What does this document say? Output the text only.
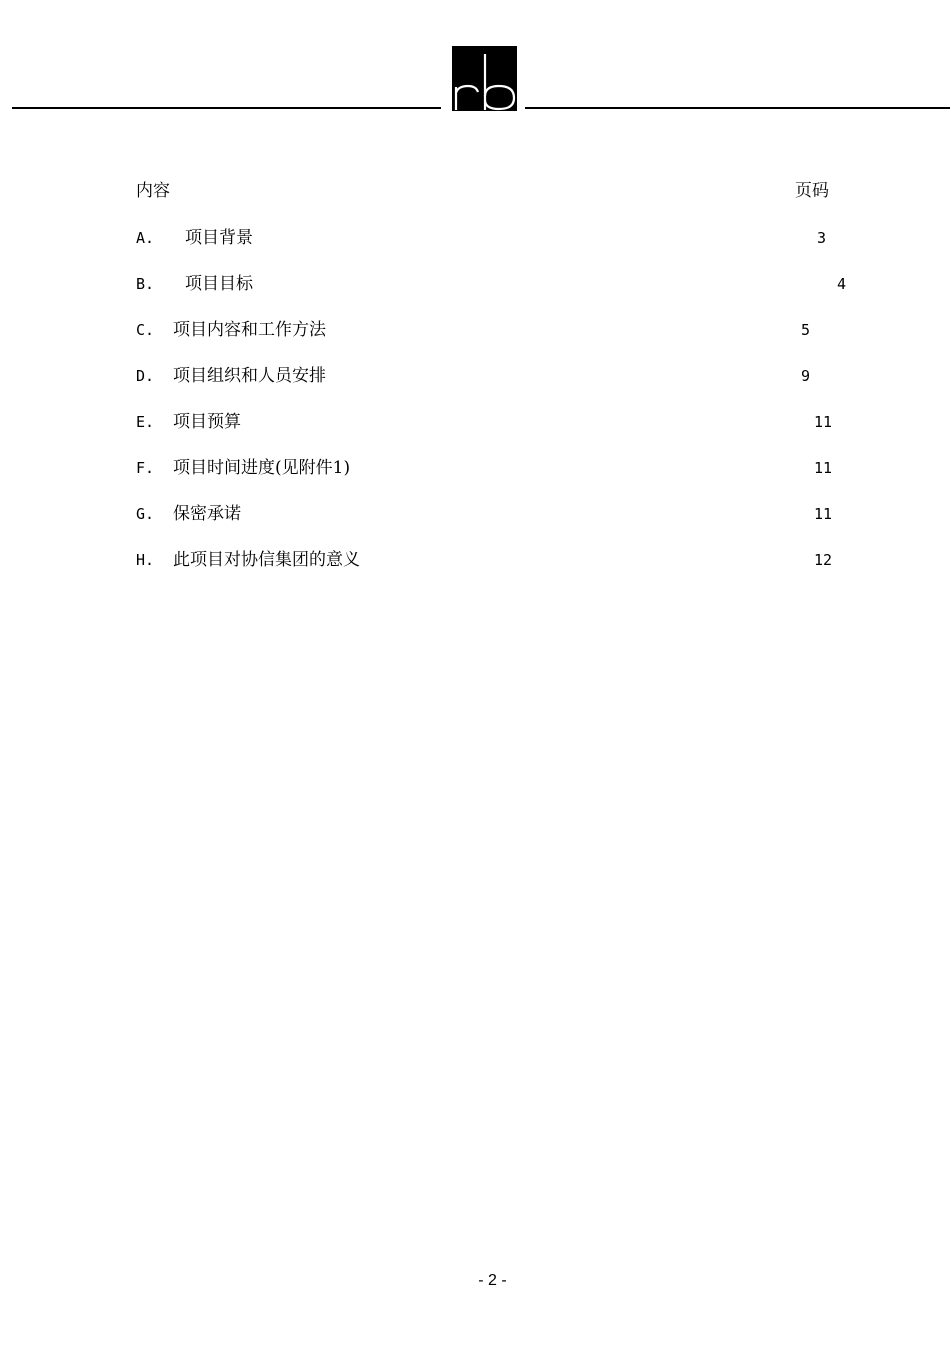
内容	页码
A. 项目背景	3
B. 项目目标	4
C. 项目内容和工作方法	5
D. 项目组织和人员安排	9
E. 项目预算	11
F. 项目时间进度(见附件1)	11
G. 保密承诺	11
H. 此项目对协信集团的意义	12
- 2 -
